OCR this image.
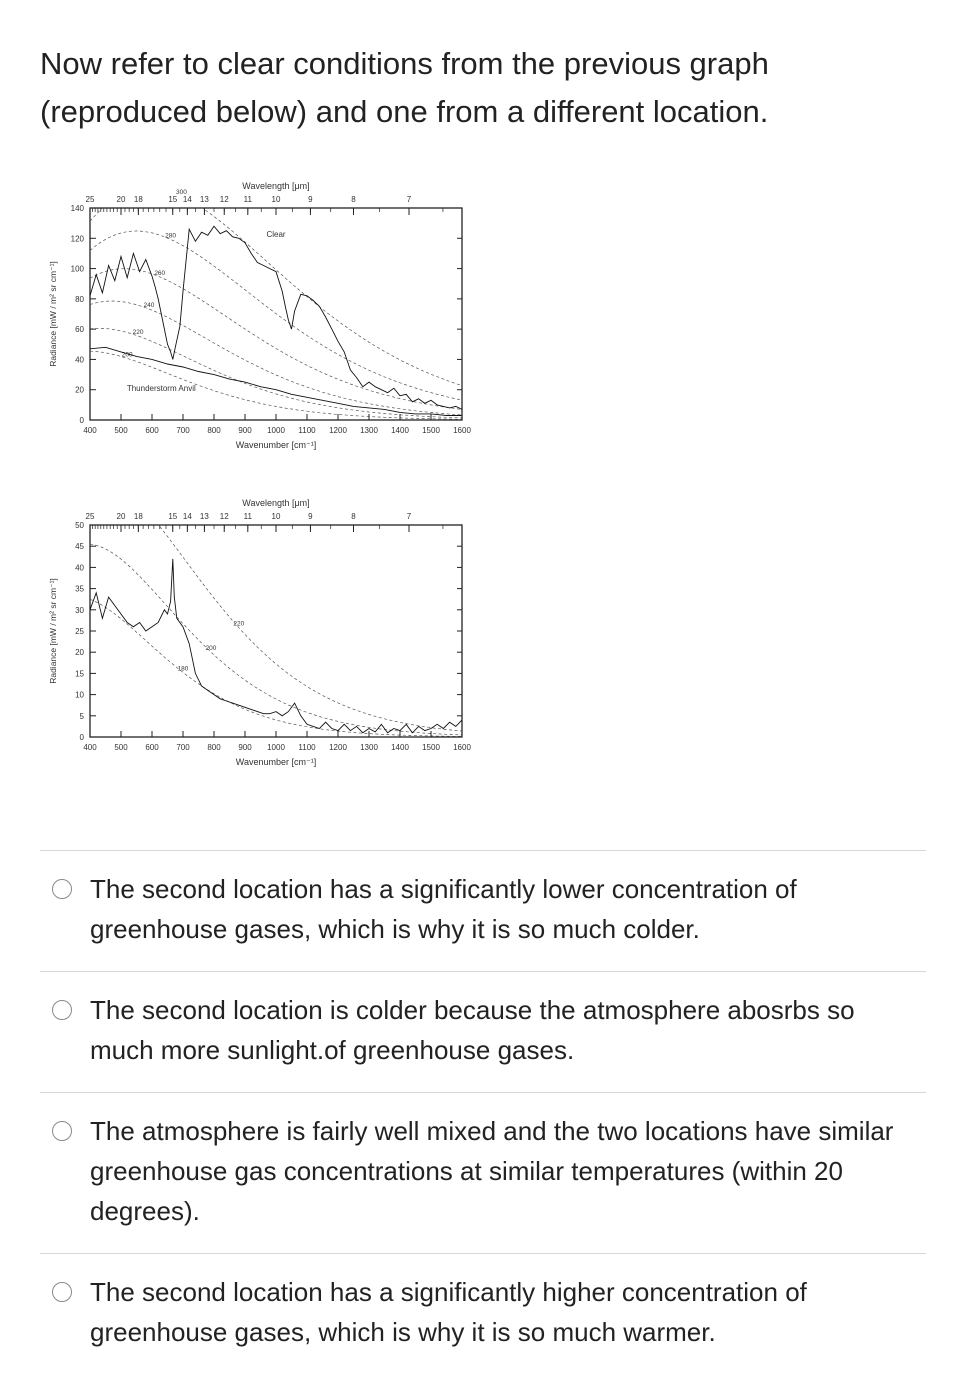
Now refer to clear conditions from the previous graph
(reproduced below) and one from a different location.
200
220
240
260
280
300
400 500 600 700 800 900 1000 1100 1200 1300 1400 1500 1600
0
20
40
60
80
100
120
140
25	20 18	15 14 13 12 11 10	9	8	7
Wavelength [μm]
Wavenumber [cm⁻¹]
Radiance [mW / m² sr cm⁻¹]
Clear
Thunderstorm Anvil
180
200
220
400 500 600 700 800 900 1000 1100 1200 1300 1400 1500 1600
0
5
10
15
20
25
30
35
40
45
50
25	20 18	15 14 13 12 11 10	9	8	7
Wavelength [μm]
Wavenumber [cm⁻¹]
Radiance [mW / m² sr cm⁻¹]
The second location has a significantly lower concentration of greenhouse gases, which is why it is so much colder.
The second location is colder because the atmosphere abosrbs so much more sunlight.of greenhouse gases.
The atmosphere is fairly well mixed and the two locations have similar greenhouse gas concentrations at similar temperatures (within 20 degrees).
The second location has a significantly higher concentration of greenhouse gases, which is why it is so much warmer.
